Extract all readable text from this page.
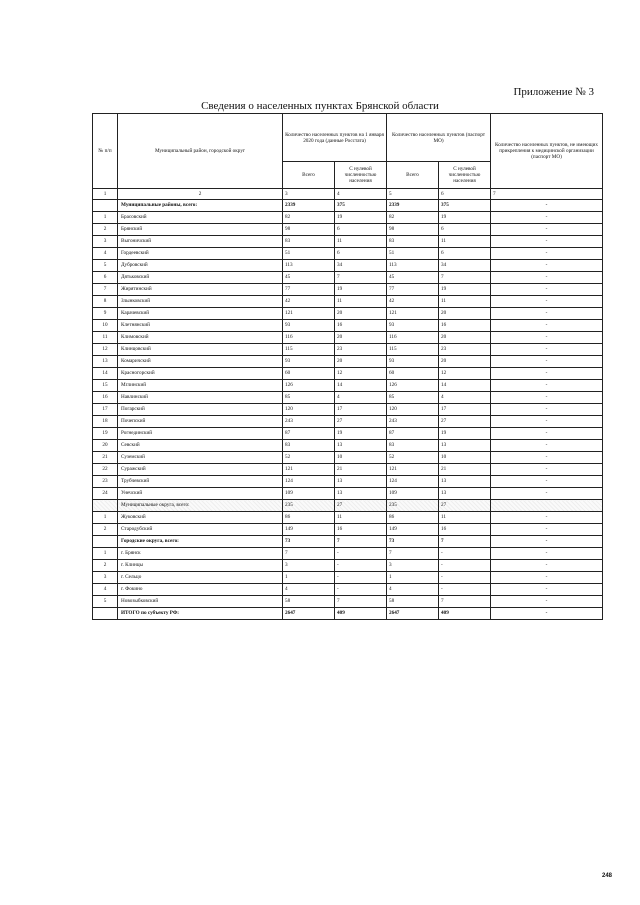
Приложение № 3
Сведения о населенных пунктах Брянской области
№ п/п	Муниципальный район, городской округ	Количество населенных пунктов на 1 января 2020 года (данные Росстата)		Количество населенных пунктов (паспорт МО)		Количество населенных пунктов, не имеющих прикрепления к медицинской организации (паспорт МО)
		Всего	С нулевой численностью населения	Всего	С нулевой численностью населения	
1	2	3	4	5	6	7
	Муниципальные районы, всего:	2339	375	2339	375	-
1	Брасовский	82	19	82	19	-
2	Брянский	98	6	98	6	-
3	Выгоничский	83	11	83	11	-
4	Гордеевский	51	6	51	6	-
5	Дубровский	113	34	113	34	-
6	Дятьковский	45	7	45	7	-
7	Жирятинский	77	19	77	19	-
8	Злынковский	42	11	42	11	-
9	Карачевский	121	20	121	20	-
10	Клетнянский	93	16	93	16	-
11	Климовский	116	20	116	20	-
12	Клинцовский	115	23	115	23	-
13	Комаричский	93	20	93	20	-
14	Красногорский	60	12	60	12	-
15	Мглинский	126	14	126	14	-
16	Навлинский	85	4	85	4	-
17	Погарский	120	17	120	17	-
18	Почепский	243	27	243	27	-
19	Рогнединский	87	19	87	19	-
20	Севский	83	13	83	13	-
21	Суземский	52	10	52	10	-
22	Суражский	121	21	121	21	-
23	Трубчевский	124	13	124	13	-
24	Унечский	109	13	109	13	-
	Муниципальные округа, всего:	235	27	235	27	
1	Жуковский	86	11	86	11	-
2	Стародубский	149	16	149	16	-
	Городские округа, всего:	73	7	73	7	-
1	г. Брянск	7	-	7	-	-
2	г. Клинцы	3	-	3	-	-
3	г. Сельцо	1	-	1	-	-
4	г. Фокино	4	-	4	-	-
5	Новозыбковский	58	7	58	7	-
	ИТОГО по субъекту РФ:	2647	409	2647	409	-
248
